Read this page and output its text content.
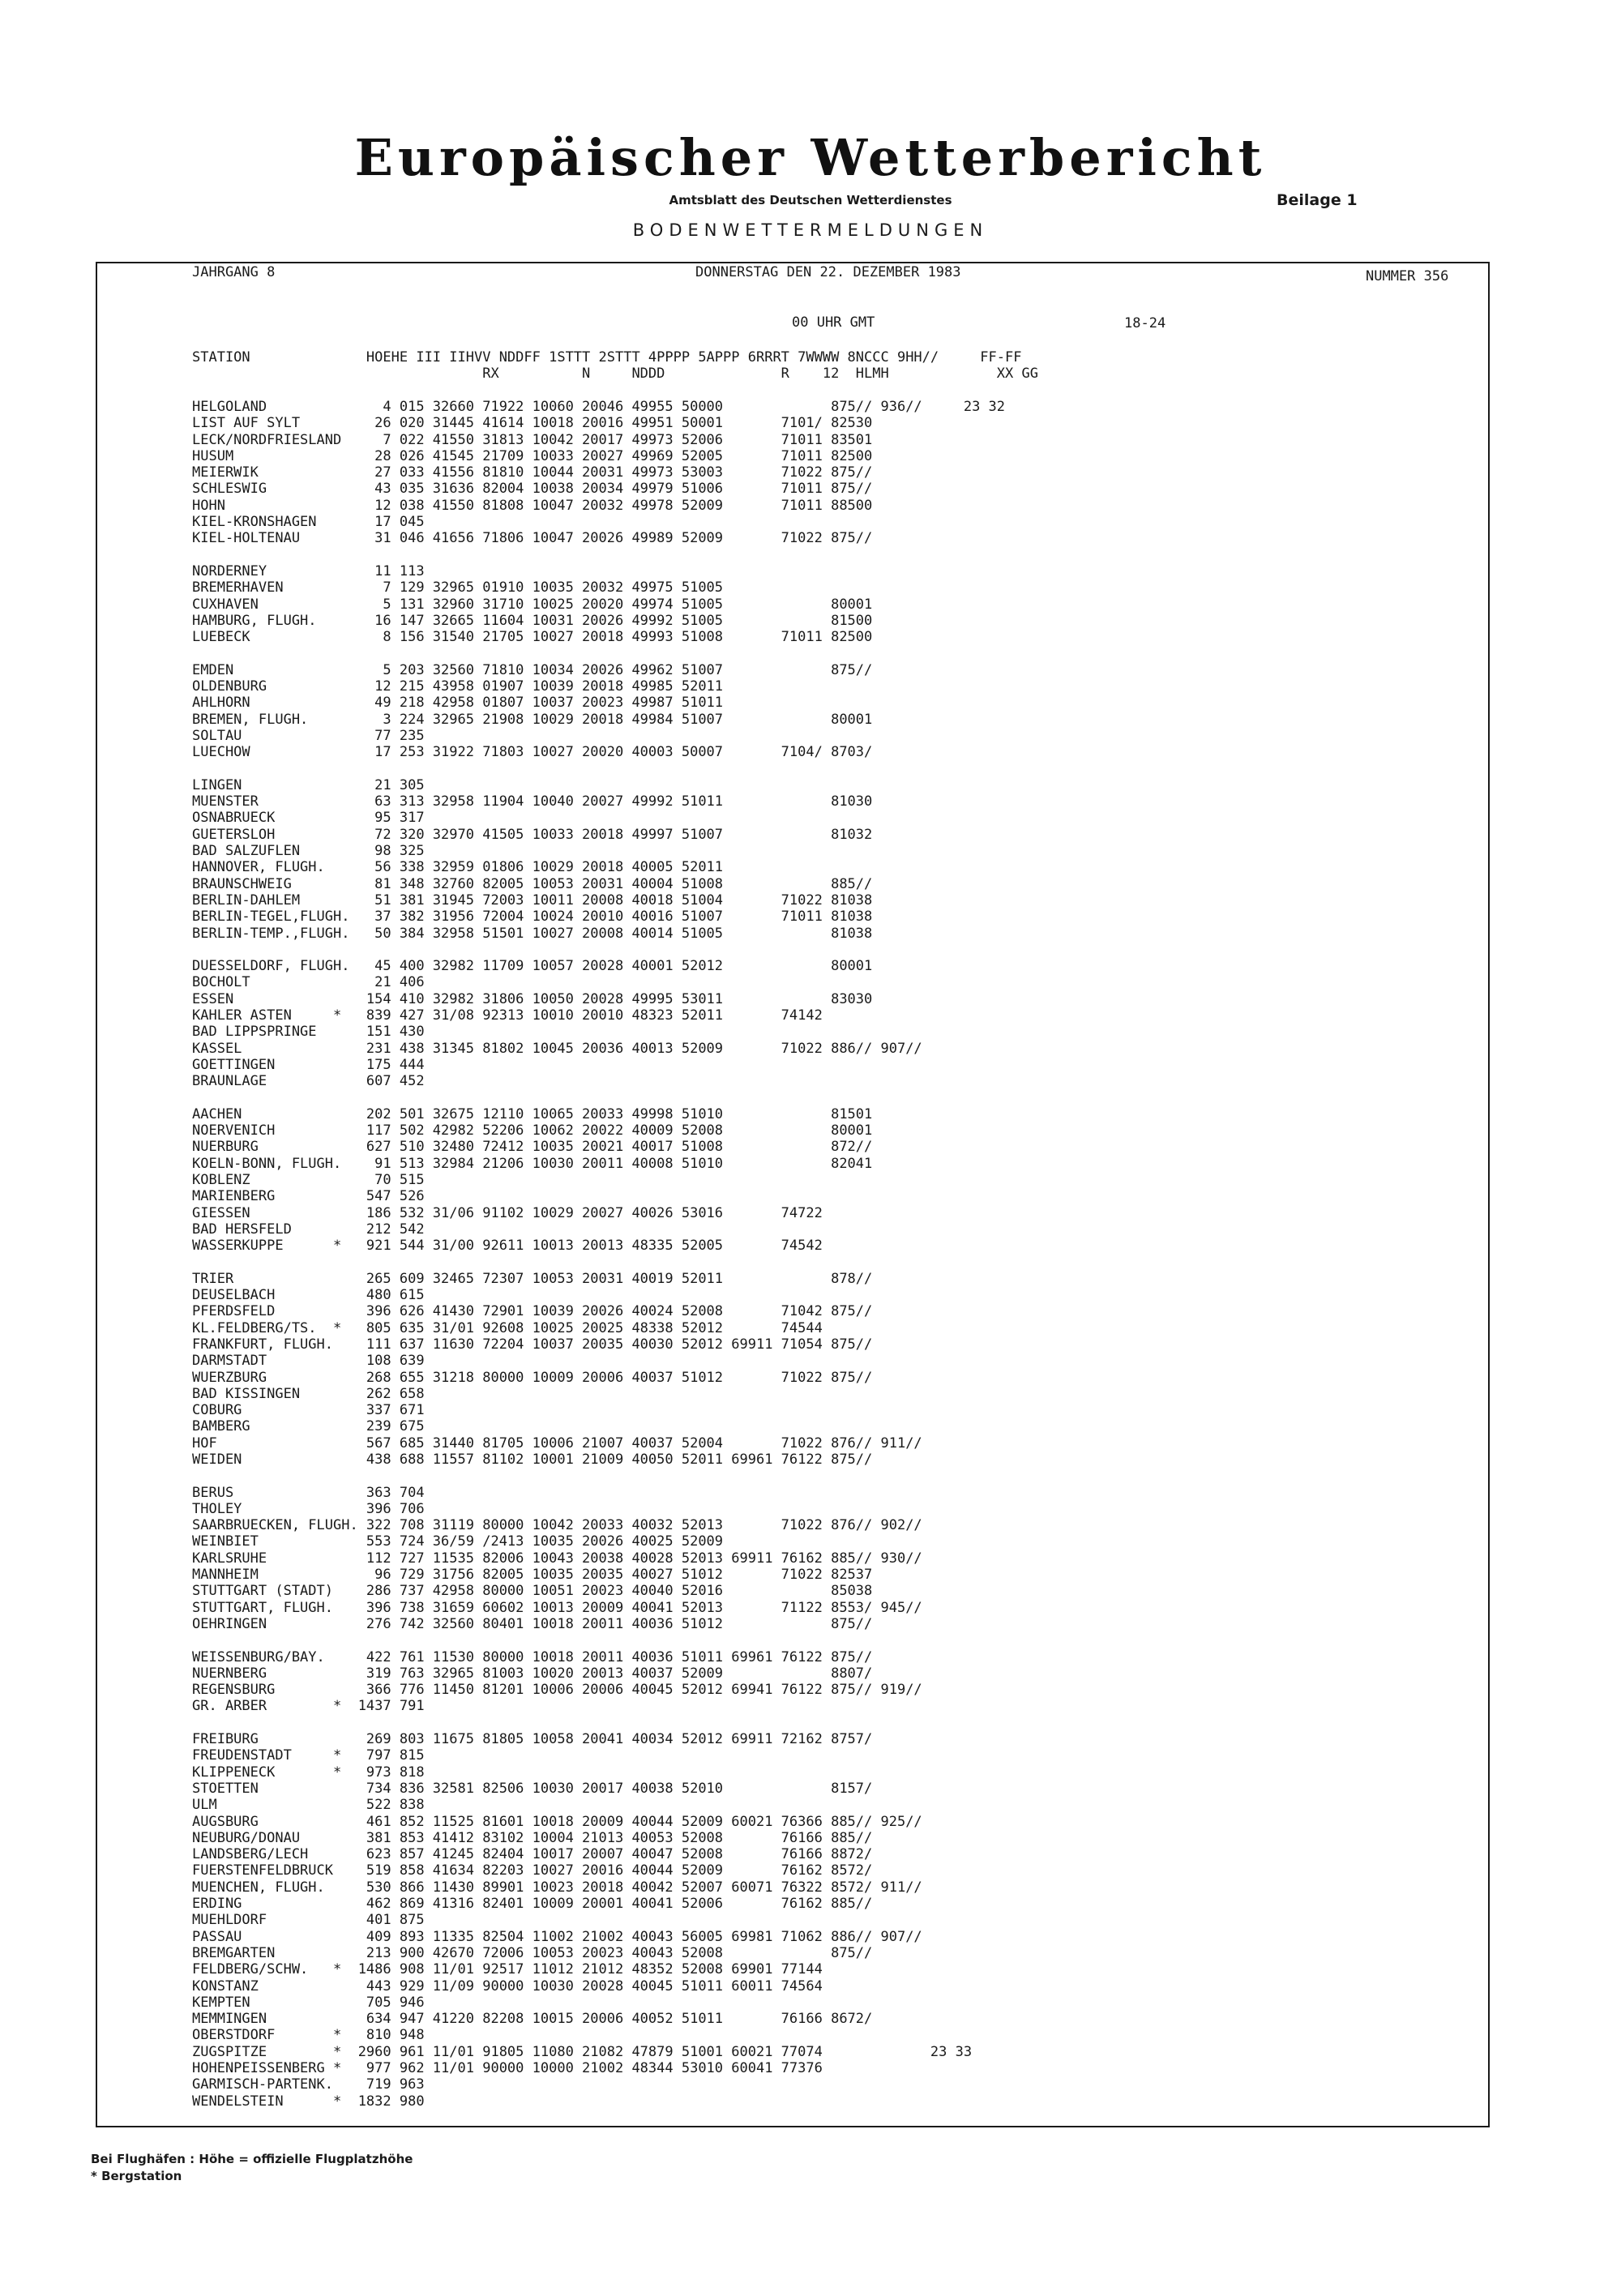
Europäischer Wetterbericht
Amtsblatt des Deutschen Wetterdienstes	Beilage 1
BODENWETTERMELDUNGEN
JAHRGANG 8	DONNERSTAG DEN 22. DEZEMBER 1983	NUMMER 356
00 UHR GMT	18-24
STATION              HOEHE III IIHVV NDDFF 1STTT 2STTT 4PPPP 5APPP 6RRRT 7WWWW 8NCCC 9HH//     FF-FF
RX          N     NDDD              R    12  HLMH             XX GG
HELGOLAND              4 015 32660 71922 10060 20046 49955 50000             875// 936//     23 32
LIST AUF SYLT         26 020 31445 41614 10018 20016 49951 50001       7101/ 82530
LECK/NORDFRIESLAND     7 022 41550 31813 10042 20017 49973 52006       71011 83501
HUSUM                 28 026 41545 21709 10033 20027 49969 52005       71011 82500
MEIERWIK              27 033 41556 81810 10044 20031 49973 53003       71022 875//
SCHLESWIG             43 035 31636 82004 10038 20034 49979 51006       71011 875//
HOHN                  12 038 41550 81808 10047 20032 49978 52009       71011 88500
KIEL-KRONSHAGEN       17 045
KIEL-HOLTENAU         31 046 41656 71806 10047 20026 49989 52009       71022 875//
NORDERNEY             11 113
BREMERHAVEN            7 129 32965 01910 10035 20032 49975 51005
CUXHAVEN               5 131 32960 31710 10025 20020 49974 51005             80001
HAMBURG, FLUGH.       16 147 32665 11604 10031 20026 49992 51005             81500
LUEBECK                8 156 31540 21705 10027 20018 49993 51008       71011 82500
EMDEN                  5 203 32560 71810 10034 20026 49962 51007             875//
OLDENBURG             12 215 43958 01907 10039 20018 49985 52011
AHLHORN               49 218 42958 01807 10037 20023 49987 51011
BREMEN, FLUGH.         3 224 32965 21908 10029 20018 49984 51007             80001
SOLTAU                77 235
LUECHOW               17 253 31922 71803 10027 20020 40003 50007       7104/ 8703/
LINGEN                21 305
MUENSTER              63 313 32958 11904 10040 20027 49992 51011             81030
OSNABRUECK            95 317
GUETERSLOH            72 320 32970 41505 10033 20018 49997 51007             81032
BAD SALZUFLEN         98 325
HANNOVER, FLUGH.      56 338 32959 01806 10029 20018 40005 52011
BRAUNSCHWEIG          81 348 32760 82005 10053 20031 40004 51008             885//
BERLIN-DAHLEM         51 381 31945 72003 10011 20008 40018 51004       71022 81038
BERLIN-TEGEL,FLUGH.   37 382 31956 72004 10024 20010 40016 51007       71011 81038
BERLIN-TEMP.,FLUGH.   50 384 32958 51501 10027 20008 40014 51005             81038
DUESSELDORF, FLUGH.   45 400 32982 11709 10057 20028 40001 52012             80001
BOCHOLT               21 406
ESSEN                154 410 32982 31806 10050 20028 49995 53011             83030
KAHLER ASTEN     *   839 427 31/08 92313 10010 20010 48323 52011       74142
BAD LIPPSPRINGE      151 430
KASSEL               231 438 31345 81802 10045 20036 40013 52009       71022 886// 907//
GOETTINGEN           175 444
BRAUNLAGE            607 452
AACHEN               202 501 32675 12110 10065 20033 49998 51010             81501
NOERVENICH           117 502 42982 52206 10062 20022 40009 52008             80001
NUERBURG             627 510 32480 72412 10035 20021 40017 51008             872//
KOELN-BONN, FLUGH.    91 513 32984 21206 10030 20011 40008 51010             82041
KOBLENZ               70 515
MARIENBERG           547 526
GIESSEN              186 532 31/06 91102 10029 20027 40026 53016       74722
BAD HERSFELD         212 542
WASSERKUPPE      *   921 544 31/00 92611 10013 20013 48335 52005       74542
TRIER                265 609 32465 72307 10053 20031 40019 52011             878//
DEUSELBACH           480 615
PFERDSFELD           396 626 41430 72901 10039 20026 40024 52008       71042 875//
KL.FELDBERG/TS.  *   805 635 31/01 92608 10025 20025 48338 52012       74544
FRANKFURT, FLUGH.    111 637 11630 72204 10037 20035 40030 52012 69911 71054 875//
DARMSTADT            108 639
WUERZBURG            268 655 31218 80000 10009 20006 40037 51012       71022 875//
BAD KISSINGEN        262 658
COBURG               337 671
BAMBERG              239 675
HOF                  567 685 31440 81705 10006 21007 40037 52004       71022 876// 911//
WEIDEN               438 688 11557 81102 10001 21009 40050 52011 69961 76122 875//
BERUS                363 704
THOLEY               396 706
SAARBRUECKEN, FLUGH. 322 708 31119 80000 10042 20033 40032 52013       71022 876// 902//
WEINBIET             553 724 36/59 /2413 10035 20026 40025 52009
KARLSRUHE            112 727 11535 82006 10043 20038 40028 52013 69911 76162 885// 930//
MANNHEIM              96 729 31756 82005 10035 20035 40027 51012       71022 82537
STUTTGART (STADT)    286 737 42958 80000 10051 20023 40040 52016             85038
STUTTGART, FLUGH.    396 738 31659 60602 10013 20009 40041 52013       71122 8553/ 945//
OEHRINGEN            276 742 32560 80401 10018 20011 40036 51012             875//
WEISSENBURG/BAY.     422 761 11530 80000 10018 20011 40036 51011 69961 76122 875//
NUERNBERG            319 763 32965 81003 10020 20013 40037 52009             8807/
REGENSBURG           366 776 11450 81201 10006 20006 40045 52012 69941 76122 875// 919//
GR. ARBER        *  1437 791
FREIBURG             269 803 11675 81805 10058 20041 40034 52012 69911 72162 8757/
FREUDENSTADT     *   797 815
KLIPPENECK       *   973 818
STOETTEN             734 836 32581 82506 10030 20017 40038 52010             8157/
ULM                  522 838
AUGSBURG             461 852 11525 81601 10018 20009 40044 52009 60021 76366 885// 925//
NEUBURG/DONAU        381 853 41412 83102 10004 21013 40053 52008       76166 885//
LANDSBERG/LECH       623 857 41245 82404 10017 20007 40047 52008       76166 8872/
FUERSTENFELDBRUCK    519 858 41634 82203 10027 20016 40044 52009       76162 8572/
MUENCHEN, FLUGH.     530 866 11430 89901 10023 20018 40042 52007 60071 76322 8572/ 911//
ERDING               462 869 41316 82401 10009 20001 40041 52006       76162 885//
MUEHLDORF            401 875
PASSAU               409 893 11335 82504 11002 21002 40043 56005 69981 71062 886// 907//
BREMGARTEN           213 900 42670 72006 10053 20023 40043 52008             875//
FELDBERG/SCHW.   *  1486 908 11/01 92517 11012 21012 48352 52008 69901 77144
KONSTANZ             443 929 11/09 90000 10030 20028 40045 51011 60011 74564
KEMPTEN              705 946
MEMMINGEN            634 947 41220 82208 10015 20006 40052 51011       76166 8672/
OBERSTDORF       *   810 948
ZUGSPITZE        *  2960 961 11/01 91805 11080 21082 47879 51001 60021 77074             23 33
HOHENPEISSENBERG *   977 962 11/01 90000 10000 21002 48344 53010 60041 77376
GARMISCH-PARTENK.    719 963
WENDELSTEIN      *  1832 980
Bei Flughäfen : Höhe = offizielle Flugplatzhöhe
* Bergstation
